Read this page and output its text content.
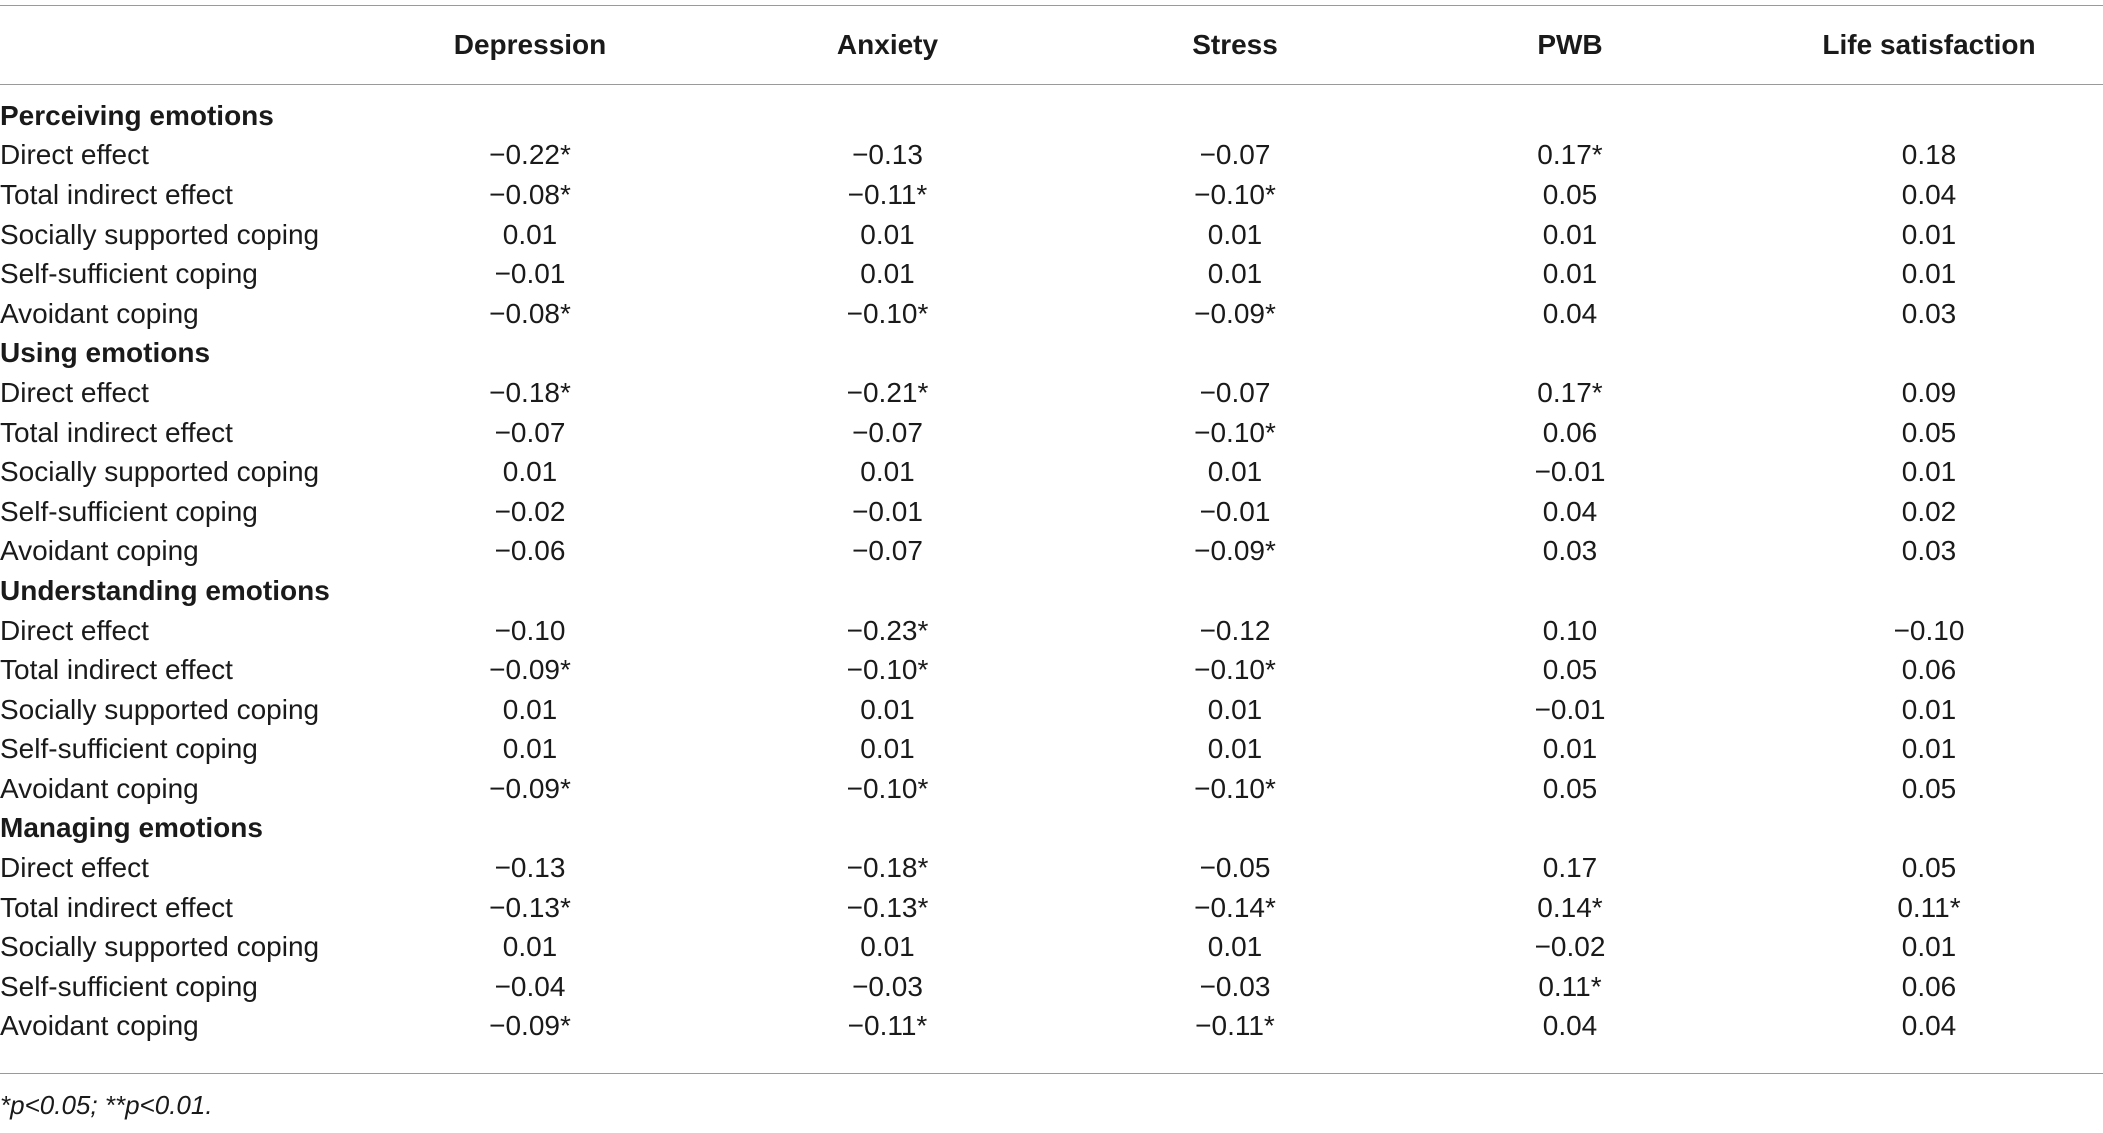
	Depression	Anxiety	Stress	PWB	Life satisfaction
Perceiving emotions					
Direct effect	−0.22*	−0.13	−0.07	0.17*	0.18
Total indirect effect	−0.08*	−0.11*	−0.10*	0.05	0.04
Socially supported coping	0.01	0.01	0.01	0.01	0.01
Self-sufficient coping	−0.01	0.01	0.01	0.01	0.01
Avoidant coping	−0.08*	−0.10*	−0.09*	0.04	0.03
Using emotions					
Direct effect	−0.18*	−0.21*	−0.07	0.17*	0.09
Total indirect effect	−0.07	−0.07	−0.10*	0.06	0.05
Socially supported coping	0.01	0.01	0.01	−0.01	0.01
Self-sufficient coping	−0.02	−0.01	−0.01	0.04	0.02
Avoidant coping	−0.06	−0.07	−0.09*	0.03	0.03
Understanding emotions					
Direct effect	−0.10	−0.23*	−0.12	0.10	−0.10
Total indirect effect	−0.09*	−0.10*	−0.10*	0.05	0.06
Socially supported coping	0.01	0.01	0.01	−0.01	0.01
Self-sufficient coping	0.01	0.01	0.01	0.01	0.01
Avoidant coping	−0.09*	−0.10*	−0.10*	0.05	0.05
Managing emotions					
Direct effect	−0.13	−0.18*	−0.05	0.17	0.05
Total indirect effect	−0.13*	−0.13*	−0.14*	0.14*	0.11*
Socially supported coping	0.01	0.01	0.01	−0.02	0.01
Self-sufficient coping	−0.04	−0.03	−0.03	0.11*	0.06
Avoidant coping	−0.09*	−0.11*	−0.11*	0.04	0.04
*p<0.05; **p<0.01.
